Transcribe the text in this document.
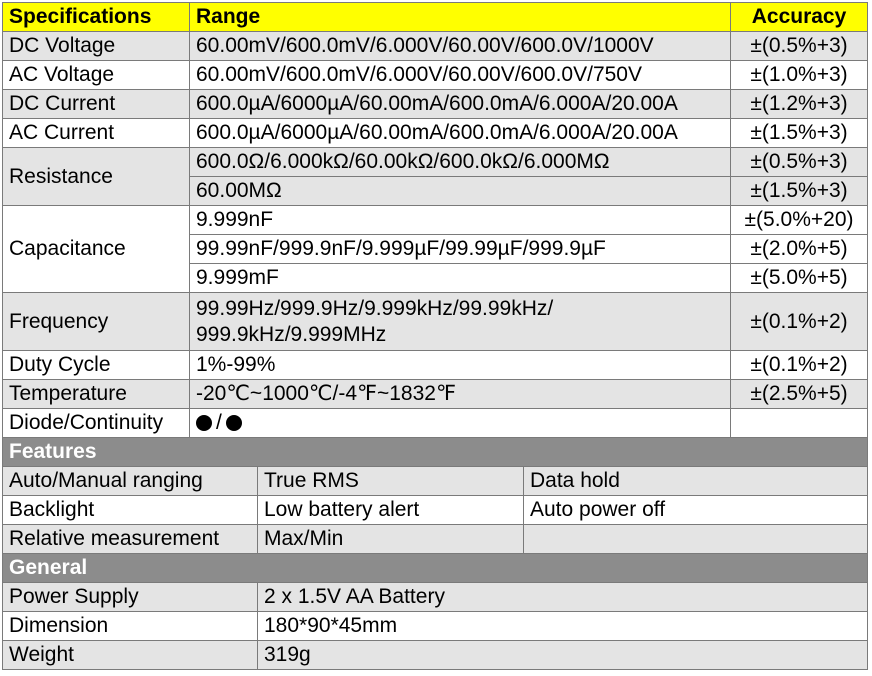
Specifications	Range			Accuracy
DC Voltage	60.00mV/600.0mV/6.000V/60.00V/600.0V/1000V			±(0.5%+3)
AC Voltage	60.00mV/600.0mV/6.000V/60.00V/600.0V/750V			±(1.0%+3)
DC Current	600.0µA/6000µA/60.00mA/600.0mA/6.000A/20.00A			±(1.2%+3)
AC Current	600.0µA/6000µA/60.00mA/600.0mA/6.000A/20.00A			±(1.5%+3)
Resistance	600.0Ω/6.000kΩ/60.00kΩ/600.0kΩ/6.000MΩ			±(0.5%+3)
	60.00MΩ			±(1.5%+3)
Capacitance	9.999nF			±(5.0%+20)
	99.99nF/999.9nF/9.999µF/99.99µF/999.9µF			±(2.0%+5)
	9.999mF			±(5.0%+5)
Frequency	99.99Hz/999.9Hz/9.999kHz/99.99kHz/
999.9kHz/9.999MHz			±(0.1%+2)
Duty Cycle	1%-99%			±(0.1%+2)
Temperature	-20℃~1000℃/-4℉~1832℉			±(2.5%+5)
Diode/Continuity	/			
Features				
Auto/Manual ranging		True RMS	Data hold	
Backlight		Low battery alert	Auto power off	
Relative measurement		Max/Min		
General				
Power Supply		2 x 1.5V AA Battery		
Dimension		180*90*45mm		
Weight		319g		
